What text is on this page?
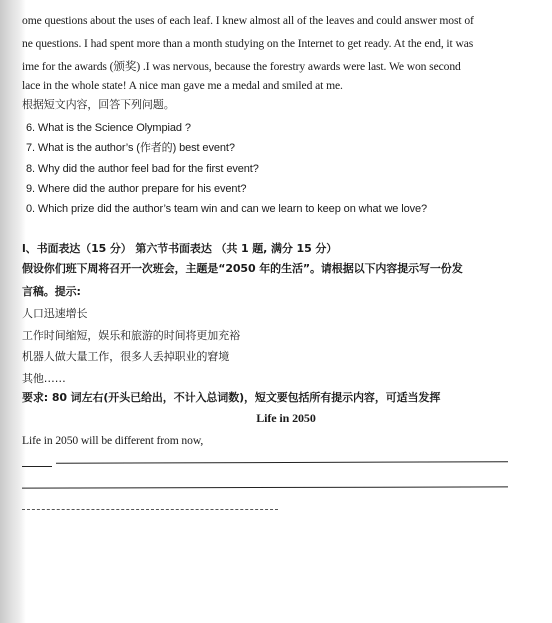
ome questions about the uses of each leaf. I knew almost all of the leaves and could answer most of
ne questions. I had spent more than a month studying on the Internet to get ready. At the end, it was
ime for the awards (颁奖) .I was nervous, because the forestry awards were last. We won second
lace in the whole state! A nice man gave me a medal and smiled at me.
根据短文内容，回答下列问题。
6. What is the Science Olympiad ?
7. What is the author’s (作者的) best event?
8. Why did the author feel bad for the first event?
9. Where did the author prepare for his event?
0. Which prize did the author’s team win and can we learn to keep on what we love?
l、书面表达（15 分） 第六节书面表达 （共 1 题, 满分 15 分）
假设你们班下周将召开一次班会，主题是“2050 年的生活”。请根据以下内容提示写一份发
言稿。提示:
人口迅速增长
工作时间缩短，娱乐和旅游的时间将更加充裕
机器人做大量工作，很多人丢掉职业的窘境
其他……
要求: 80 词左右(开头已给出，不计入总词数)，短文要包括所有提示内容，可适当发挥
Life in 2050
Life in 2050 will be different from now,
